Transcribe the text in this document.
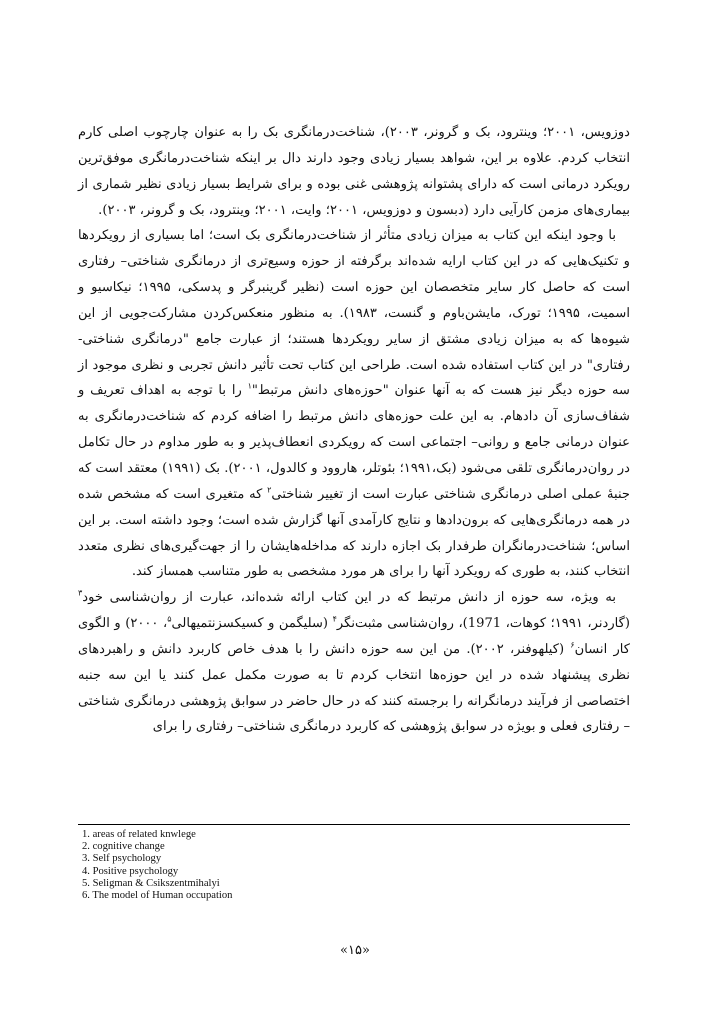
دوزویس، ۲۰۰۱؛ وینترود، بک و گرونر، ۲۰۰۳)، شناخت‌درمانگری بک را به عنوان چارچوب اصلی کارم انتخاب کردم. علاوه بر این، شواهد بسیار زیادی وجود دارند دال بر اینکه شناخت‌درمانگری موفق‌ترین رویکرد درمانی است که دارای پشتوانه پژوهشی غنی بوده و برای شرایط بسیار زیادی نظیر شماری از بیماری‌های مزمن کارآیی دارد (دبسون و دوزویس، ۲۰۰۱؛ وایت، ۲۰۰۱؛ وینترود، بک و گرونر، ۲۰۰۳).

با وجود اینکه این کتاب به میزان زیادی متأثر از شناخت‌درمانگری بک است؛ اما بسیاری از رویکردها و تکنیک‌هایی که در این کتاب ارایه شده‌اند برگرفته از حوزه وسیع‌تری از درمانگری شناختی– رفتاری است که حاصل کار سایر متخصصان این حوزه است (نظیر گرینبرگر و پدسکی، ۱۹۹۵؛ نیکاسیو و اسمیت، ۱۹۹۵؛ تورک، مایشن‌باوم و گنست، ۱۹۸۳). به منظور منعکس‌کردن مشارکت‌جویی از این شیوه‌ها که به میزان زیادی مشتق از سایر رویکردها هستند؛ از عبارت جامع "درمانگری شناختی- رفتاری" در این کتاب استفاده شده است. طراحی این کتاب تحت تأثیر دانش تجربی و نظری موجود از سه حوزه دیگر نیز هست که به آنها عنوان "حوزه‌های دانش مرتبط"$^۱$ را با توجه به اهداف تعریف و شفاف‌سازی آن دادهام. به این علت حوزه‌های دانش مرتبط را اضافه کردم که شناخت‌درمانگری به عنوان درمانی جامع و روانی– اجتماعی است که رویکردی انعطاف‌پذیر و به طور مداوم در حال تکامل در روان‌درمانگری تلقی می‌شود (بک،۱۹۹۱؛ بئوتلر، هاروود و کالدول، ۲۰۰۱). بک (۱۹۹۱) معتقد است که جنبهٔ عملی اصلی درمانگری شناختی عبارت است از تغییر شناختی$^۲$ که متغیری است که مشخص شده در همه درمانگری‌هایی که برون‌دادها و نتایج کارآمدی آنها گزارش شده است؛ وجود داشته است. بر این اساس؛ شناخت‌درمانگران طرفدار بک اجازه دارند که مداخله‌هایشان را از جهت‌گیری‌های نظری متعدد انتخاب کنند، به طوری که رویکرد آنها را برای هر مورد مشخصی به طور متناسب همساز کند.

به ویژه، سه حوزه از دانش مرتبط که در این کتاب ارائه شده‌اند، عبارت از روان‌شناسی خود$^۳$ (گاردنر، ۱۹۹۱؛ کوهات، 1971)، روان‌شناسی مثبت‌نگر$^۴$ (سلیگمن و کسیکسزنتمیهالی$^۵$، ۲۰۰۰) و الگوی کار انسان$^۶$ (کیلهوفنر، ۲۰۰۲). من این سه حوزه دانش را با هدف خاص کاربرد دانش و راهبردهای نظری پیشنهاد شده در این حوزه‌ها انتخاب کردم تا به صورت مکمل عمل کنند یا این سه جنبه اختصاصی از فرآیند درمانگرانه را برجسته کنند که در حال حاضر در سوابق پژوهشی درمانگری شناختی – رفتاری فعلی و بویژه در سوابق پژوهشی که کاربرد درمانگری شناختی– رفتاری را برای

1. areas of related knwlege

2. cognitive change

3. Self psychology

4. Positive psychology

5. Seligman & Csikszentmihalyi

6. The model of Human occupation

«۱۵»
